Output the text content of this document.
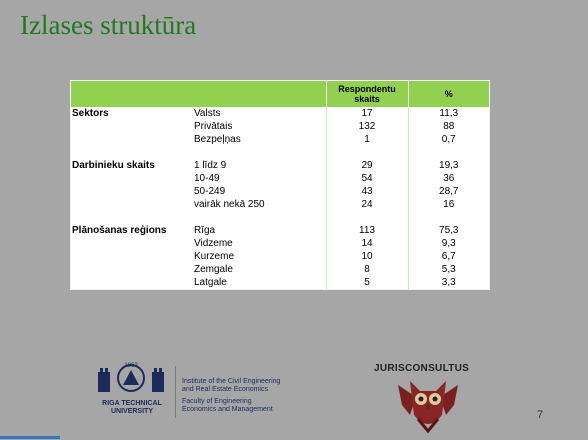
Izlases struktūra
		Respondentu skaits	%
Sektors	Valsts	17	11,3
	Privātais	132	88
	Bezpeļņas	1	0,7

Darbinieku skaits	1 līdz 9	29	19,3
	10-49	54	36
	50-249	43	28,7
	vairāk nekā 250	24	16

Plānošanas reģions	Rīga	113	75,3
	Vidzeme	14	9,3
	Kurzeme	10	6,7
	Zemgale	8	5,3
	Latgale	5	3,3
1862
RIGA TECHNICAL
UNIVERSITY

Institute of the Civil Engineering
and Real Estate Economics

Faculty of Engineering
Economics and Management

JURISCONSULTUS
7
